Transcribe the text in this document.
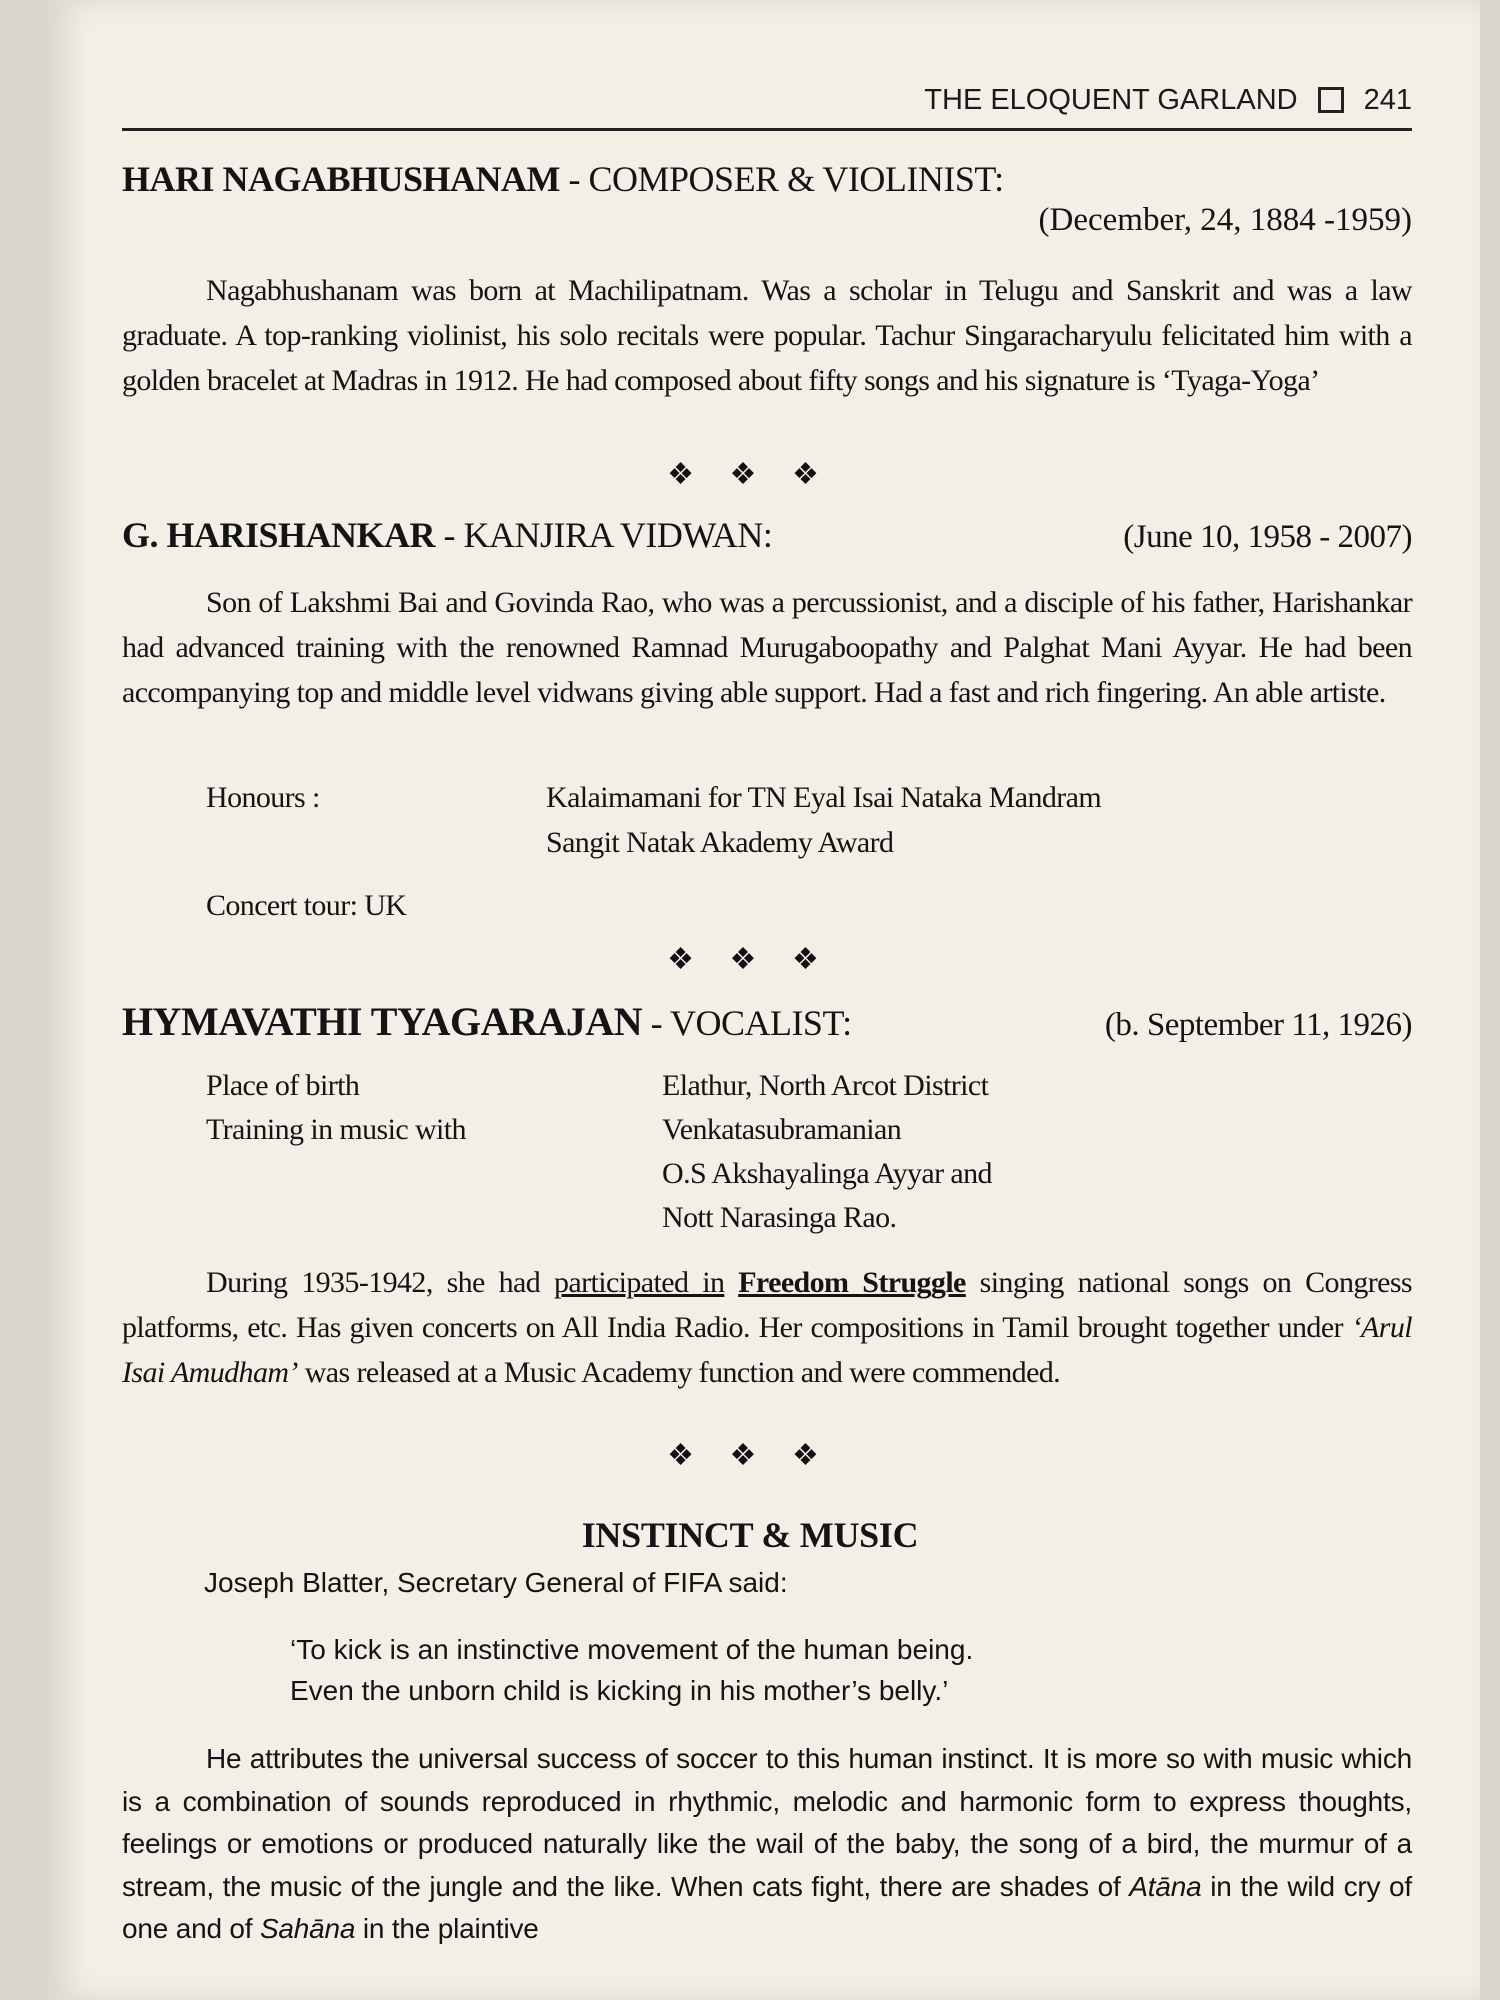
THE ELOQUENT GARLAND 241
HARI NAGABHUSHANAM - COMPOSER & VIOLINIST:
(December, 24, 1884 -1959)
Nagabhushanam was born at Machilipatnam. Was a scholar in Telugu and Sanskrit and was a law graduate. A top-ranking violinist, his solo recitals were popular. Tachur Singaracharyulu felicitated him with a golden bracelet at Madras in 1912. He had composed about fifty songs and his signature is ‘Tyaga-Yoga’
❖ ❖ ❖
G. HARISHANKAR - KANJIRA VIDWAN:	(June 10, 1958 - 2007)
Son of Lakshmi Bai and Govinda Rao, who was a percussionist, and a disciple of his father, Harishankar had advanced training with the renowned Ramnad Murugaboopathy and Palghat Mani Ayyar. He had been accompanying top and middle level vidwans giving able support. Had a fast and rich fingering. An able artiste.
Honours :	Kalaimamani for TN Eyal Isai Nataka Mandram
Sangit Natak Akademy Award
Concert tour: UK
❖ ❖ ❖
HYMAVATHI TYAGARAJAN - VOCALIST:	(b. September 11, 1926)
Place of birth	Elathur, North Arcot District
Training in music with	Venkatasubramanian
O.S Akshayalinga Ayyar and
Nott Narasinga Rao.
During 1935-1942, she had participated in Freedom Struggle singing national songs on Congress platforms, etc. Has given concerts on All India Radio. Her compositions in Tamil brought together under ‘Arul Isai Amudham’ was released at a Music Academy function and were commended.
❖ ❖ ❖
INSTINCT & MUSIC
Joseph Blatter, Secretary General of FIFA said:
‘To kick is an instinctive movement of the human being.
Even the unborn child is kicking in his mother’s belly.’
He attributes the universal success of soccer to this human instinct. It is more so with music which is a combination of sounds reproduced in rhythmic, melodic and harmonic form to express thoughts, feelings or emotions or produced naturally like the wail of the baby, the song of a bird, the murmur of a stream, the music of the jungle and the like. When cats fight, there are shades of Atāna in the wild cry of one and of Sahāna in the plaintive
